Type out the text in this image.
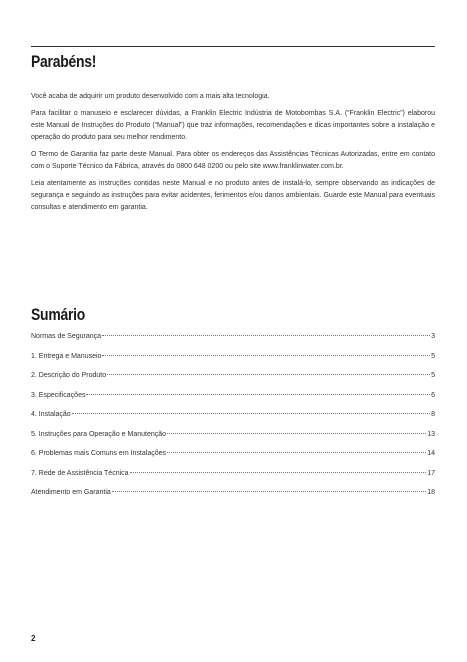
Parabéns!

Você acaba de adquirir um produto desenvolvido com a mais alta tecnologia.

Para facilitar o manuseio e esclarecer dúvidas, a Franklin Electric Indústria de Motobombas S.A. (“Franklin Electric”) elaborou este Manual de Instruções do Produto (“Manual”) que traz informações, recomendações e dicas importantes sobre a instalação e operação do produto para seu melhor rendimento.

O Termo de Garantia faz parte deste Manual. Para obter os endereços das Assistências Técnicas Autorizadas, entre em contato com o Suporte Técnico da Fábrica, através do 0800 648 0200 ou pelo site www.franklinwater.com.br.

Leia atentamente as instruções contidas neste Manual e no produto antes de instalá-lo, sempre observando as indicações de segurança e seguindo as instruções para evitar acidentes, ferimentos e/ou danos ambientais. Guarde este Manual para eventuais consultas e atendimento em garantia.

Sumário
Normas de Segurança	3
1. Entrega e Manuseio	5
2. Descrição do Produto	5
3. Especificações	6
4. Instalação	8
5. Instruções para Operação e Manutenção	13
6. Problemas mais Comuns em Instalações	14
7. Rede de Assistência Técnica	17
Atendimento em Garantia	18
2
